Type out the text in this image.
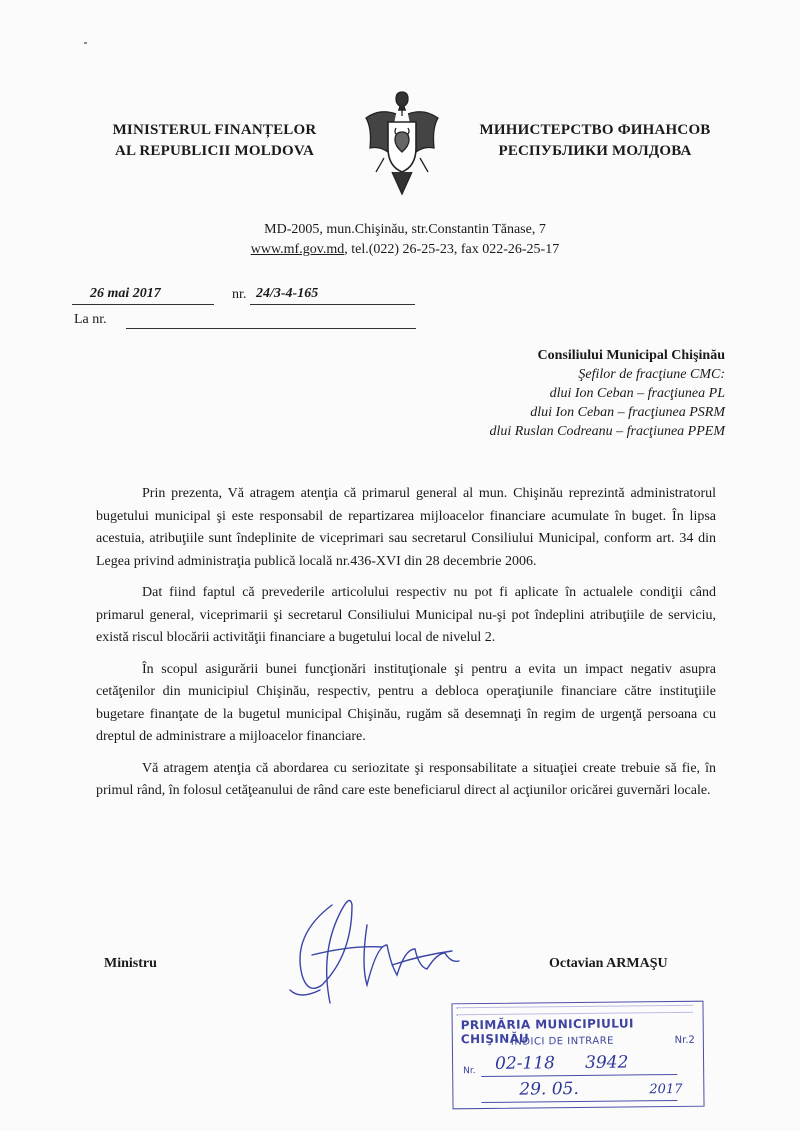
MINISTERUL FINANȚELOR
AL REPUBLICII MOLDOVA
МИНИСТЕРСТВО ФИНАНСОВ
РЕСПУБЛИКИ МОЛДОВА
MD-2005, mun.Chişinău, str.Constantin Tănase, 7
www.mf.gov.md, tel.(022) 26-25-23, fax 022-26-25-17
26 mai 2017	nr. 24/3-4-165
La nr.
Consiliului Municipal Chişinău
Şefilor de fracţiune CMC:
dlui Ion Ceban – fracţiunea PL
dlui Ion Ceban – fracţiunea PSRM
dlui Ruslan Codreanu – fracţiunea PPEM

Prin prezenta, Vă atragem atenţia că primarul general al mun. Chişinău reprezintă administratorul bugetului municipal şi este responsabil de repartizarea mijloacelor financiare acumulate în buget. În lipsa acestuia, atribuţiile sunt îndeplinite de viceprimari sau secretarul Consiliului Municipal, conform art. 34 din Legea privind administraţia publică locală nr.436-XVI din 28 decembrie 2006.

Dat fiind faptul că prevederile articolului respectiv nu pot fi aplicate în actualele condiţii când primarul general, viceprimarii şi secretarul Consiliului Municipal nu-şi pot îndeplini atribuţiile de serviciu, există riscul blocării activităţii financiare a bugetului local de nivelul 2.

În scopul asigurării bunei funcţionări instituţionale şi pentru a evita un impact negativ asupra cetăţenilor din municipiul Chişinău, respectiv, pentru a debloca operaţiunile financiare către instituţiile bugetare finanţate de la bugetul municipal Chişinău, rugăm să desemnaţi în regim de urgenţă persoana cu dreptul de administrare a mijloacelor financiare.

Vă atragem atenţia că abordarea cu seriozitate şi responsabilitate a situaţiei create trebuie să fie, în primul rând, în folosul cetăţeanului de rând care este beneficiarul direct al acţiunilor oricărei guvernări locale.

Ministru	Octavian ARMAŞU
PRIMĂRIA MUNICIPIULUI CHIŞINĂU
INDICI DE INTRARE	Nr.2
Nr. 02-118 3942
29. 05.	2017
